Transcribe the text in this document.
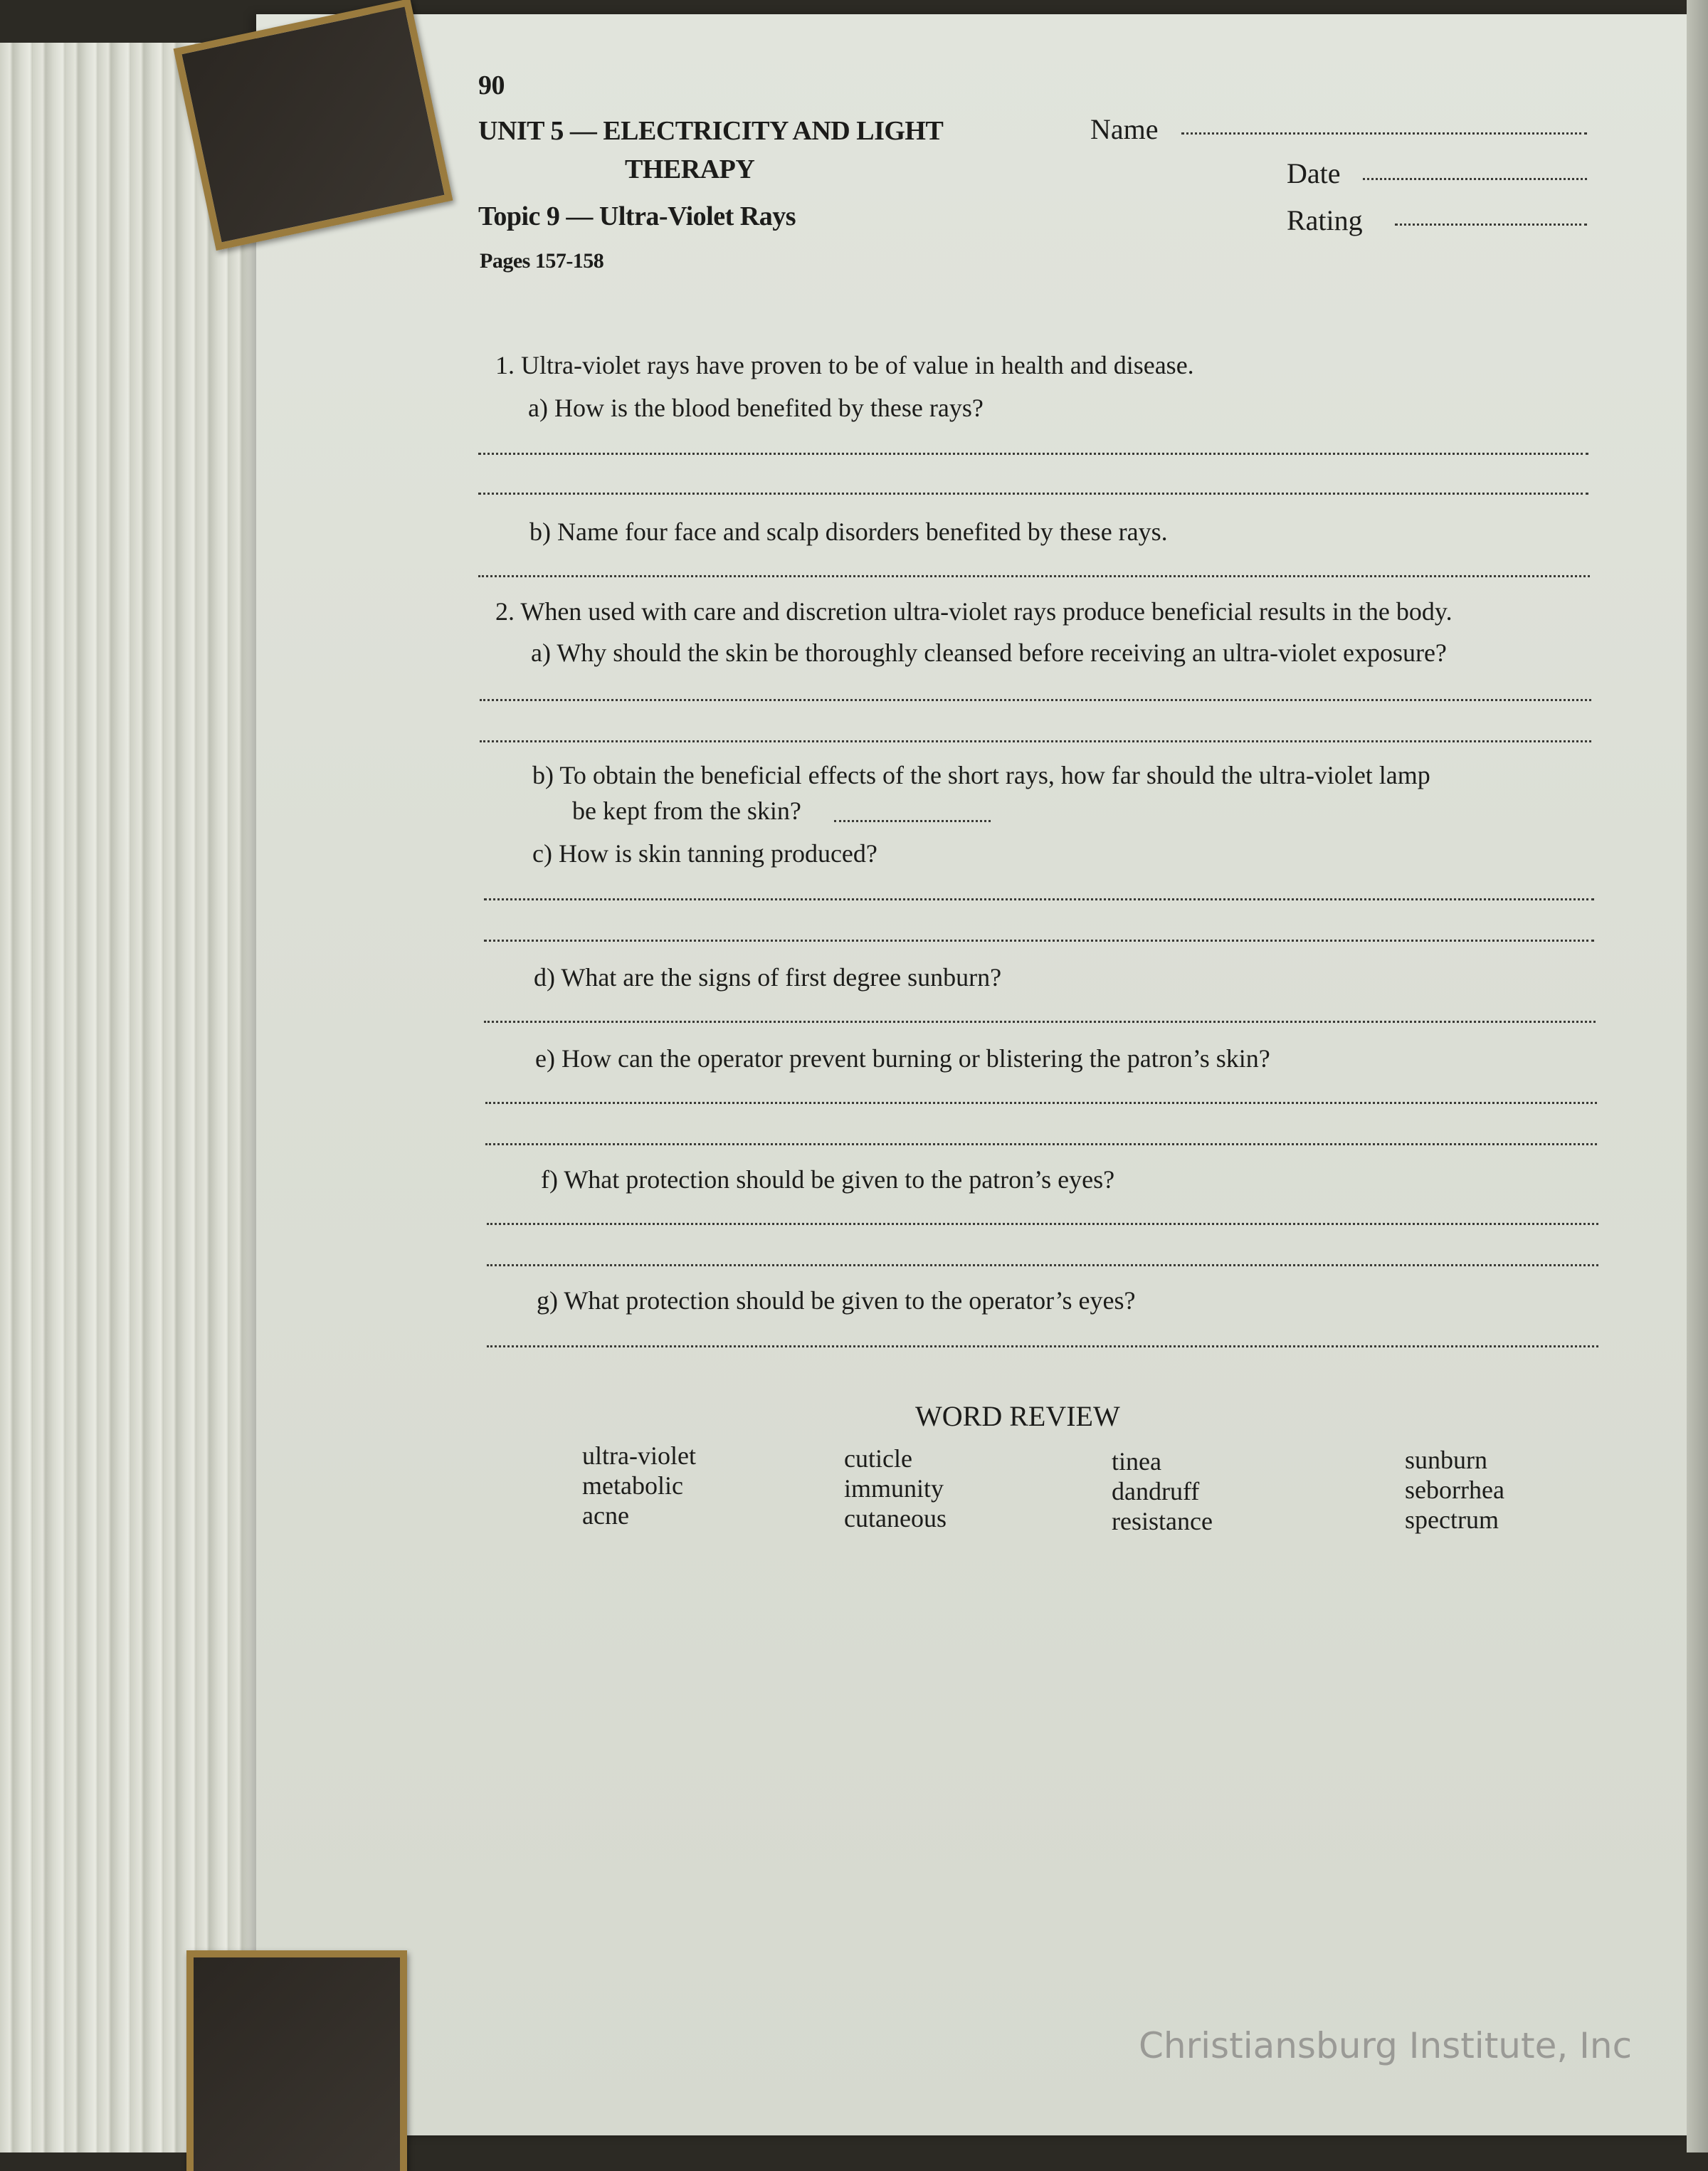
90
UNIT 5 — ELECTRICITY AND LIGHT
THERAPY
Topic 9 — Ultra-Violet Rays
Pages 157-158
Name
Date
Rating
1. Ultra-violet rays have proven to be of value in health and disease.
a) How is the blood benefited by these rays?
b) Name four face and scalp disorders benefited by these rays.
2. When used with care and discretion ultra-violet rays produce beneficial results in the body.
a) Why should the skin be thoroughly cleansed before receiving an ultra-violet exposure?
b) To obtain the beneficial effects of the short rays, how far should the ultra-violet lamp
be kept from the skin?
c) How is skin tanning produced?
d) What are the signs of first degree sunburn?
e) How can the operator prevent burning or blistering the patron’s skin?
f) What protection should be given to the patron’s eyes?
g) What protection should be given to the operator’s eyes?
WORD REVIEW
ultra-violet
metabolic
acne
cuticle
immunity
cutaneous
tinea
dandruff
resistance
sunburn
seborrhea
spectrum
Christiansburg Institute, Inc
